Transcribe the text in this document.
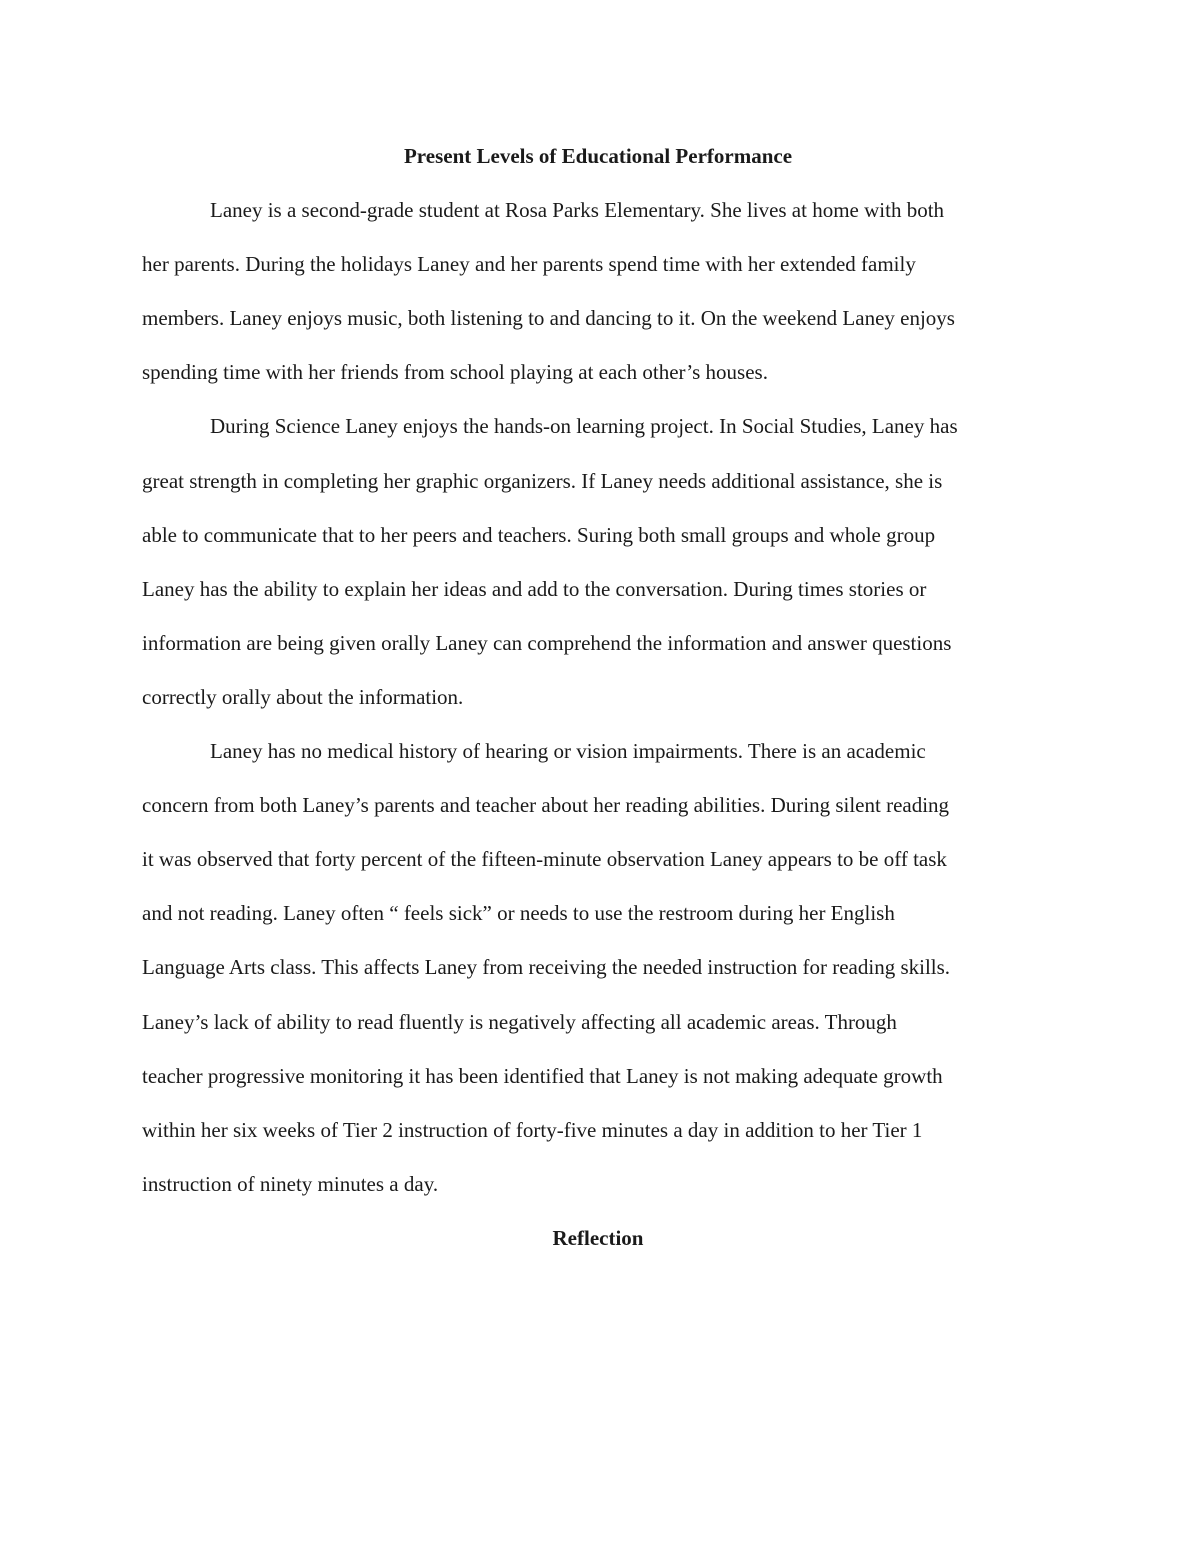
Present Levels of Educational Performance

Laney is a second-grade student at Rosa Parks Elementary. She lives at home with both
her parents. During the holidays Laney and her parents spend time with her extended family
members. Laney enjoys music, both listening to and dancing to it. On the weekend Laney enjoys
spending time with her friends from school playing at each other’s houses.

During Science Laney enjoys the hands-on learning project. In Social Studies, Laney has
great strength in completing her graphic organizers. If Laney needs additional assistance, she is
able to communicate that to her peers and teachers. Suring both small groups and whole group
Laney has the ability to explain her ideas and add to the conversation. During times stories or
information are being given orally Laney can comprehend the information and answer questions
correctly orally about the information.

Laney has no medical history of hearing or vision impairments. There is an academic
concern from both Laney’s parents and teacher about her reading abilities. During silent reading
it was observed that forty percent of the fifteen-minute observation Laney appears to be off task
and not reading. Laney often “ feels sick” or needs to use the restroom during her English
Language Arts class. This affects Laney from receiving the needed instruction for reading skills.
Laney’s lack of ability to read fluently is negatively affecting all academic areas. Through
teacher progressive monitoring it has been identified that Laney is not making adequate growth
within her six weeks of Tier 2 instruction of forty-five minutes a day in addition to her Tier 1
instruction of ninety minutes a day.

Reflection
